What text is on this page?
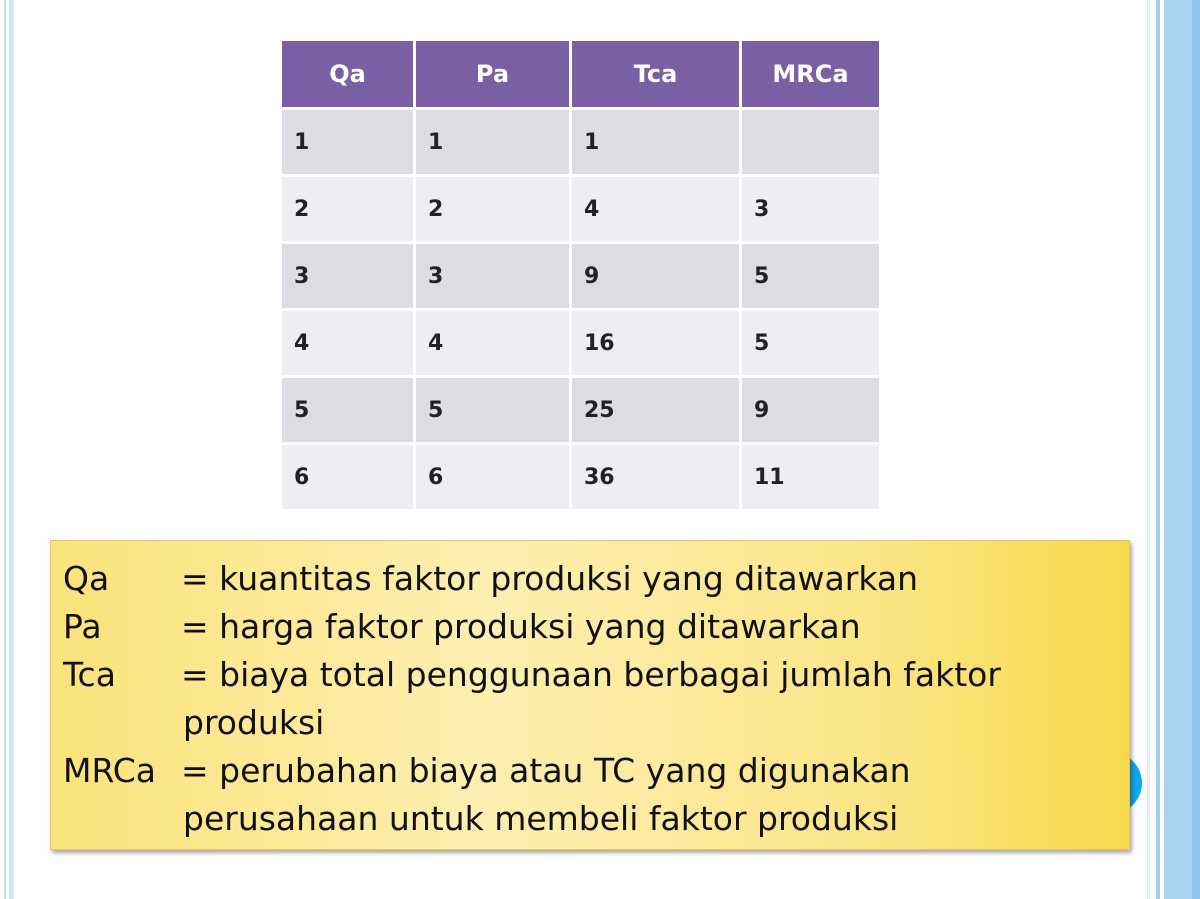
Qa	Pa	Tca	MRCa
1	1	1	
2	2	4	3
3	3	9	5
4	4	16	5
5	5	25	9
6	6	36	11
Qa = kuantitas faktor produksi yang ditawarkan
Pa = harga faktor produksi yang ditawarkan
Tca = biaya total penggunaan berbagai jumlah faktor
produksi
MRCa = perubahan biaya atau TC yang digunakan
perusahaan untuk membeli faktor produksi
